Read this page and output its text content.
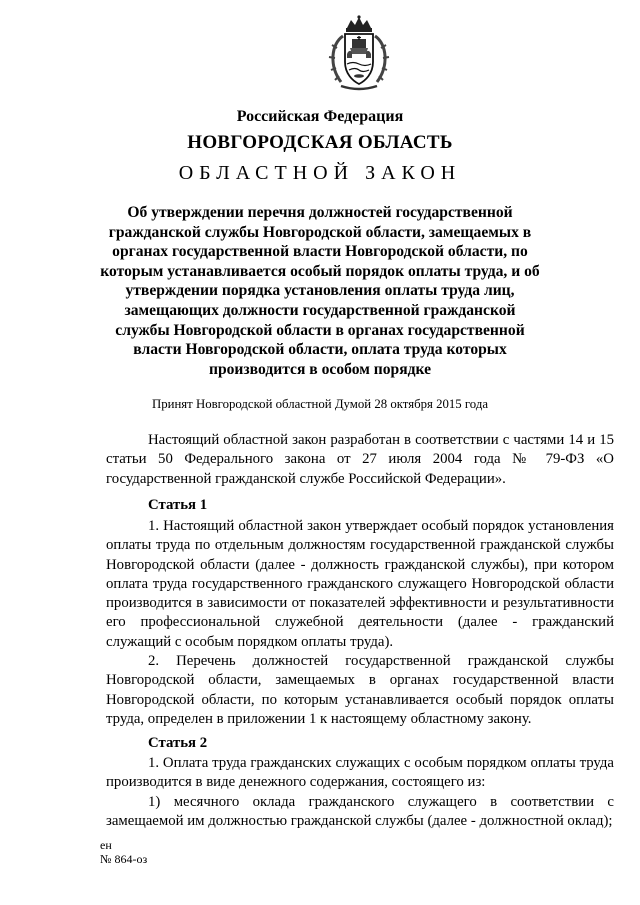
Российская Федерация
НОВГОРОДСКАЯ ОБЛАСТЬ
ОБЛАСТНОЙ ЗАКОН
Об утверждении перечня должностей государственной гражданской службы Новгородской области, замещаемых в органах государственной власти Новгородской области, по которым устанавливается особый порядок оплаты труда, и об утверждении порядка установления оплаты труда лиц, замещающих должности государственной гражданской службы Новгородской области в органах государственной власти Новгородской области, оплата труда которых производится в особом порядке
Принят Новгородской областной Думой 28 октября 2015 года

Настоящий областной закон разработан в соответствии с частями 14 и 15 статьи 50 Федерального закона от 27 июля 2004 года № 79-ФЗ «О государственной гражданской службе Российской Федерации».

Статья 1

1. Настоящий областной закон утверждает особый порядок установления оплаты труда по отдельным должностям государственной гражданской службы Новгородской области (далее - должность гражданской службы), при котором оплата труда государственного гражданского служащего Новгородской области производится в зависимости от показателей эффективности и результативности его профессиональной служебной деятельности (далее - гражданский служащий с особым порядком оплаты труда).

2. Перечень должностей государственной гражданской службы Новгородской области, замещаемых в органах государственной власти Новгородской области, по которым устанавливается особый порядок оплаты труда, определен в приложении 1 к настоящему областному закону.

Статья 2

1. Оплата труда гражданских служащих с особым порядком оплаты труда производится в виде денежного содержания, состоящего из:

1) месячного оклада гражданского служащего в соответствии с замещаемой им должностью гражданской службы (далее - должностной оклад);

ен
№ 864-оз
